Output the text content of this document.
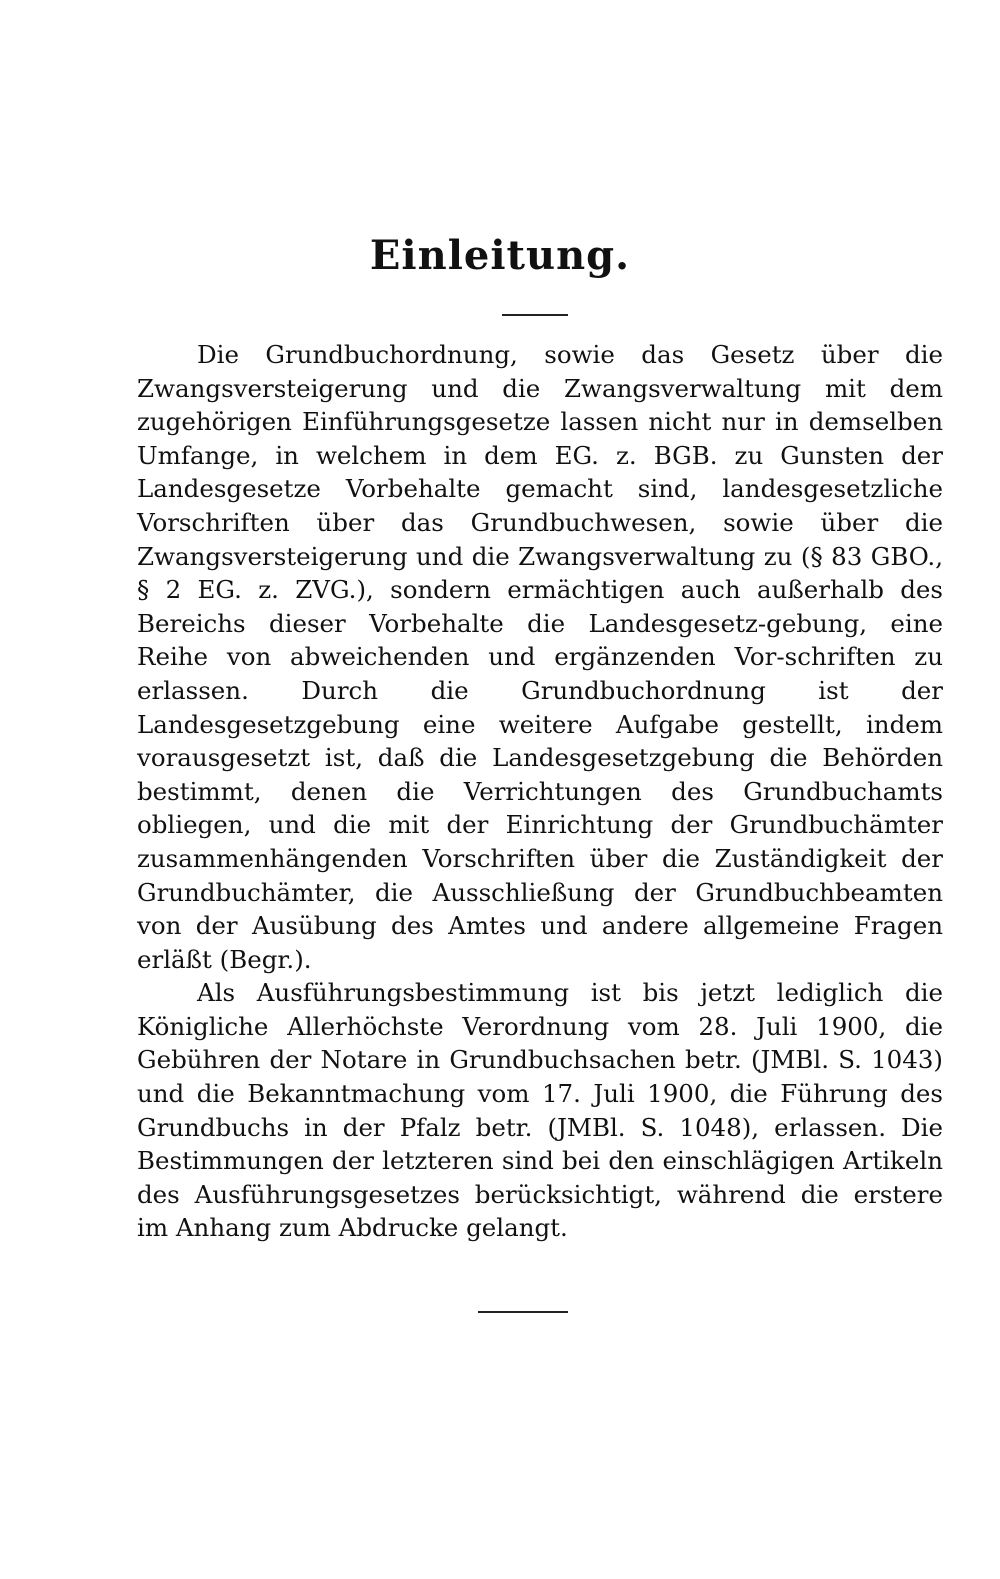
Einleitung.

Die Grundbuchordnung, sowie das Gesetz über die Zwangsversteigerung und die Zwangsverwaltung mit dem zugehörigen Einführungsgesetze lassen nicht nur in demselben Umfange, in welchem in dem EG. z. BGB. zu Gunsten der Landesgesetze Vorbehalte gemacht sind, landesgesetzliche Vorschriften über das Grundbuchwesen, sowie über die Zwangsversteigerung und die Zwangsverwaltung zu (§ 83 GBO., § 2 EG. z. ZVG.), sondern ermächtigen auch außerhalb des Bereichs dieser Vorbehalte die Landesgesetz-gebung, eine Reihe von abweichenden und ergänzenden Vor-schriften zu erlassen. Durch die Grundbuchordnung ist der Landesgesetzgebung eine weitere Aufgabe gestellt, indem vorausgesetzt ist, daß die Landesgesetzgebung die Behörden bestimmt, denen die Verrichtungen des Grundbuchamts obliegen, und die mit der Einrichtung der Grundbuchämter zusammenhängenden Vorschriften über die Zuständigkeit der Grundbuchämter, die Ausschließung der Grundbuchbeamten von der Ausübung des Amtes und andere allgemeine Fragen erläßt (Begr.).

Als Ausführungsbestimmung ist bis jetzt lediglich die Königliche Allerhöchste Verordnung vom 28. Juli 1900, die Gebühren der Notare in Grundbuchsachen betr. (JMBl. S. 1043) und die Bekanntmachung vom 17. Juli 1900, die Führung des Grundbuchs in der Pfalz betr. (JMBl. S. 1048), erlassen. Die Bestimmungen der letzteren sind bei den einschlägigen Artikeln des Ausführungsgesetzes berücksichtigt, während die erstere im Anhang zum Abdrucke gelangt.
